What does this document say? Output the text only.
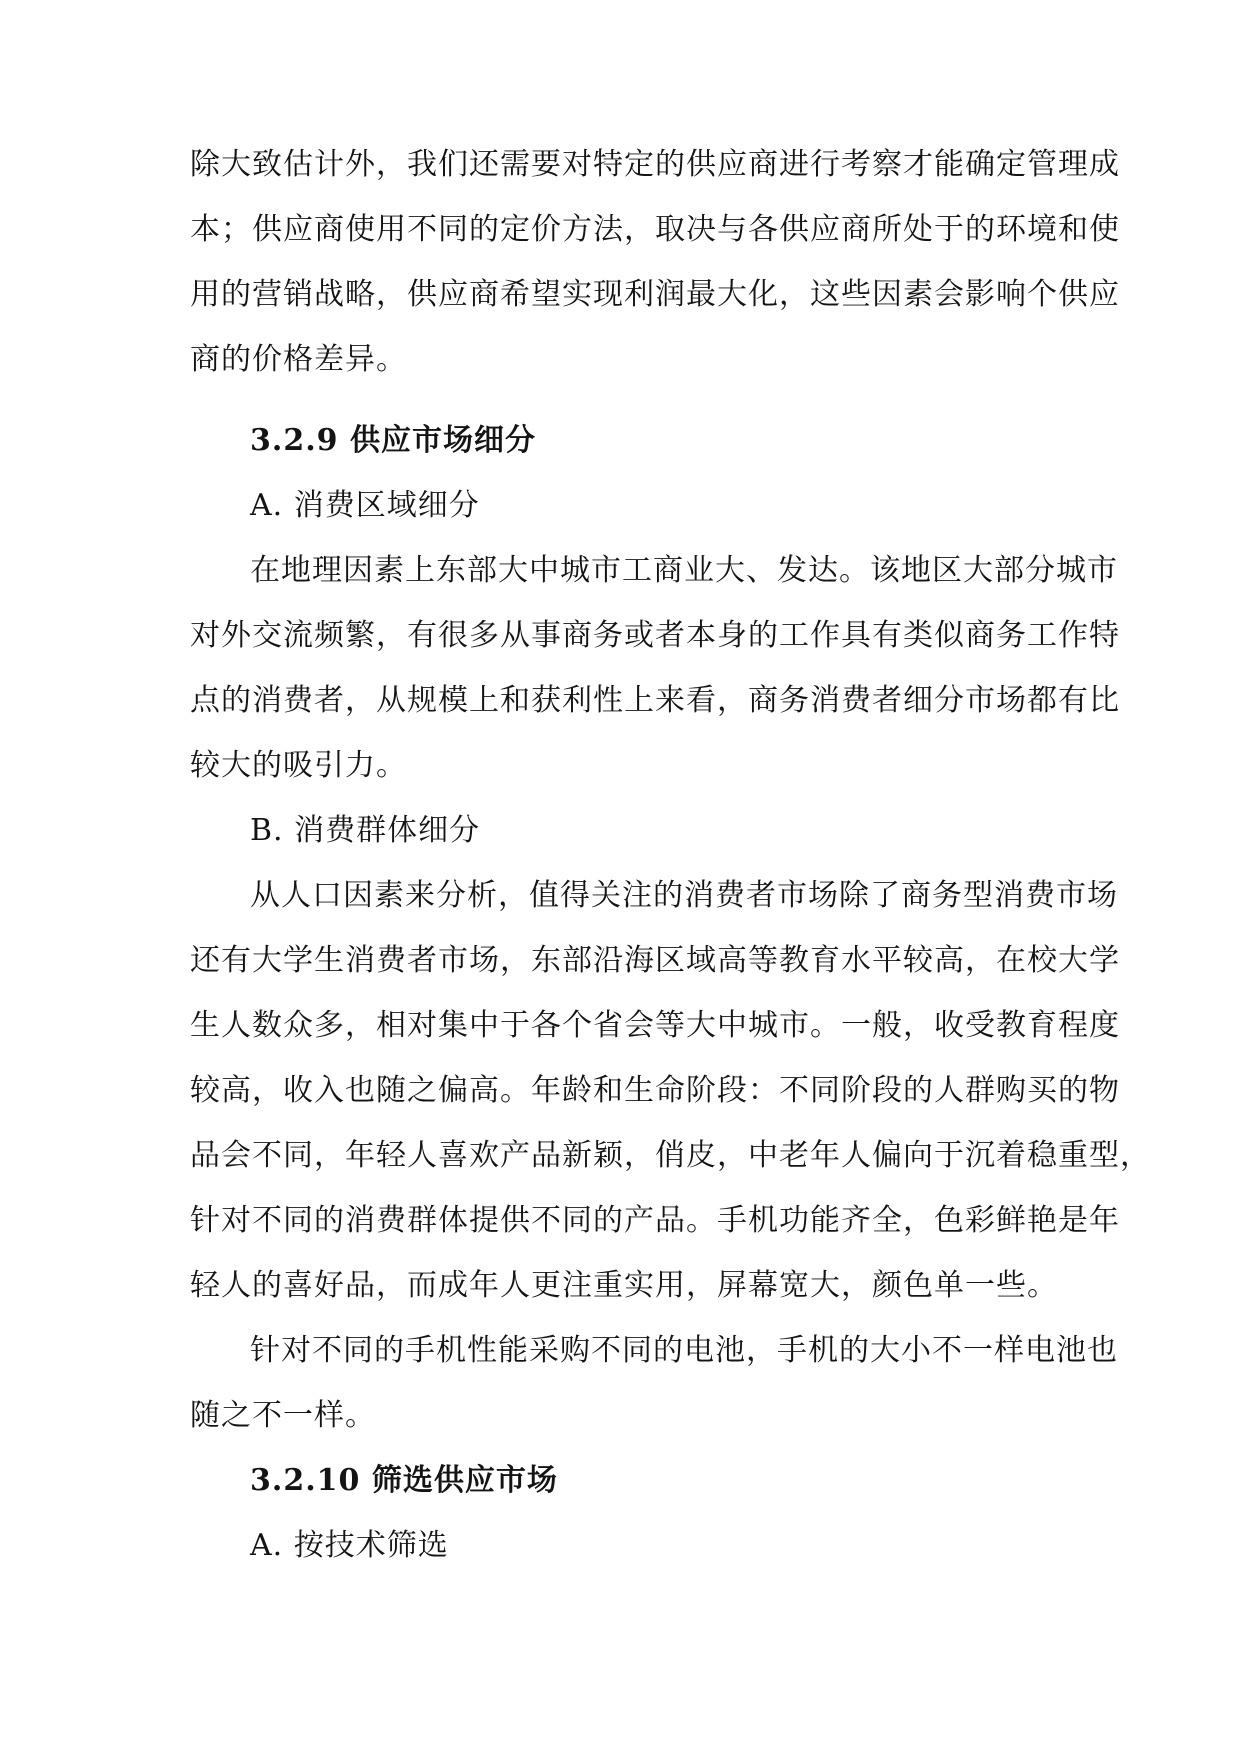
除大致估计外，我们还需要对特定的供应商进行考察才能确定管理成
本；供应商使用不同的定价方法，取决与各供应商所处于的环境和使
用的营销战略，供应商希望实现利润最大化，这些因素会影响个供应
商的价格差异。
3.2.9 供应市场细分

A. 消费区域细分

在地理因素上东部大中城市工商业大、发达。该地区大部分城市
对外交流频繁，有很多从事商务或者本身的工作具有类似商务工作特
点的消费者，从规模上和获利性上来看，商务消费者细分市场都有比
较大的吸引力。

B. 消费群体细分

从人口因素来分析，值得关注的消费者市场除了商务型消费市场
还有大学生消费者市场，东部沿海区域高等教育水平较高，在校大学
生人数众多，相对集中于各个省会等大中城市。一般，收受教育程度
较高，收入也随之偏高。年龄和生命阶段：不同阶段的人群购买的物
品会不同，年轻人喜欢产品新颖，俏皮，中老年人偏向于沉着稳重型，
针对不同的消费群体提供不同的产品。手机功能齐全，色彩鲜艳是年
轻人的喜好品，而成年人更注重实用，屏幕宽大，颜色单一些。
针对不同的手机性能采购不同的电池，手机的大小不一样电池也
随之不一样。
3.2.10 筛选供应市场

A. 按技术筛选
